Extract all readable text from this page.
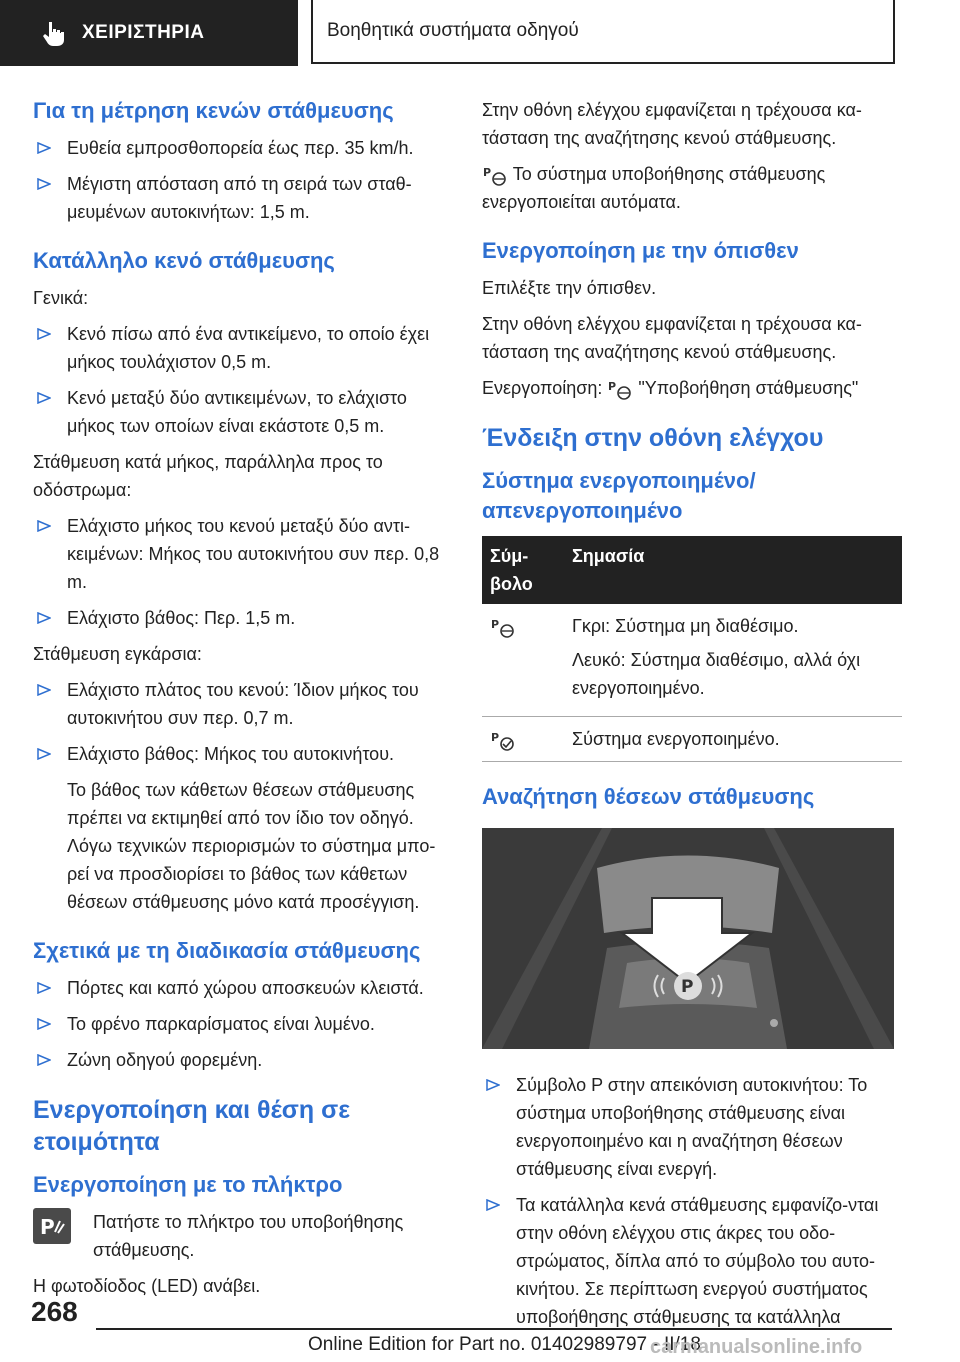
ΧΕΙΡΙΣΤΗΡΙΑ	Βοηθητικά συστήματα οδηγού
Για τη μέτρηση κενών στάθμευσης
Ευθεία εμπροσθοπορεία έως περ. 35 km/h.
Μέγιστη απόσταση από τη σειρά των σταθ‐μευμένων αυτοκινήτων: 1,5 m.
Κατάλληλο κενό στάθμευσης

Γενικά:

Κενό πίσω από ένα αντικείμενο, το οποίο έχει μήκος τουλάχιστον 0,5 m.
Κενό μεταξύ δύο αντικειμένων, το ελάχιστο μήκος των οποίων είναι εκάστοτε 0,5 m.

Στάθμευση κατά μήκος, παράλληλα προς το οδόστρωμα:

Ελάχιστο μήκος του κενού μεταξύ δύο αντι‐κειμένων: Μήκος του αυτοκινήτου συν περ. 0,8 m.
Ελάχιστο βάθος: Περ. 1,5 m.

Στάθμευση εγκάρσια:

Ελάχιστο πλάτος του κενού: Ίδιον μήκος του αυτοκινήτου συν περ. 0,7 m.
Ελάχιστο βάθος: Μήκος του αυτοκινήτου.

Το βάθος των κάθετων θέσεων στάθμευσης πρέπει να εκτιμηθεί από τον ίδιο τον οδηγό. Λόγω τεχνικών περιορισμών το σύστημα μπο‐ρεί να προσδιορίσει το βάθος των κάθετων θέσεων στάθμευσης μόνο κατά προσέγγιση.

Σχετικά με τη διαδικασία στάθμευσης
Πόρτες και καπό χώρου αποσκευών κλειστά.
Το φρένο παρκαρίσματος είναι λυμένο.
Ζώνη οδηγού φορεμένη.
Ενεργοποίηση και θέση σε ετοιμότητα
Ενεργοποίηση με το πλήκτρο
P Πατήστε το πλήκτρο του υποβοήθησης στάθμευσης.

Η φωτοδίοδος (LED) ανάβει.

Στην οθόνη ελέγχου εμφανίζεται η τρέχουσα κα‐τάσταση της αναζήτησης κενού στάθμευσης.

P Το σύστημα υποβοήθησης στάθμευσης ενεργοποιείται αυτόματα.

Ενεργοποίηση με την όπισθεν

Επιλέξτε την όπισθεν.

Στην οθόνη ελέγχου εμφανίζεται η τρέχουσα κα‐τάσταση της αναζήτησης κενού στάθμευσης.

Ενεργοποίηση: P "Υποβοήθηση στάθμευσης"

Ένδειξη στην οθόνη ελέγχου
Σύστημα ενεργοποιημένο/απενεργοποιημένο
Σύμ‐βολο	Σημασία

P	Γκρι: Σύστημα μη διαθέσιμο.

Λευκό: Σύστημα διαθέσιμο, αλλά όχι ενεργοποιημένο.

P	Σύστημα ενεργοποιημένο.
Αναζήτηση θέσεων στάθμευσης
P
Σύμβολο P στην απεικόνιση αυτοκινήτου: Το σύστημα υποβοήθησης στάθμευσης είναι ενεργοποιημένο και η αναζήτηση θέσεων στάθμευσης είναι ενεργή.
Τα κατάλληλα κενά στάθμευσης εμφανίζο‐νται στην οθόνη ελέγχου στις άκρες του οδο‐στρώματος, δίπλα από το σύμβολο του αυτο‐κινήτου. Σε περίπτωση ενεργού συστήματος υποβοήθησης στάθμευσης τα κατάλληλα
268
Online Edition for Part no. 01402989797 - II/18
carmanualsonline.info
